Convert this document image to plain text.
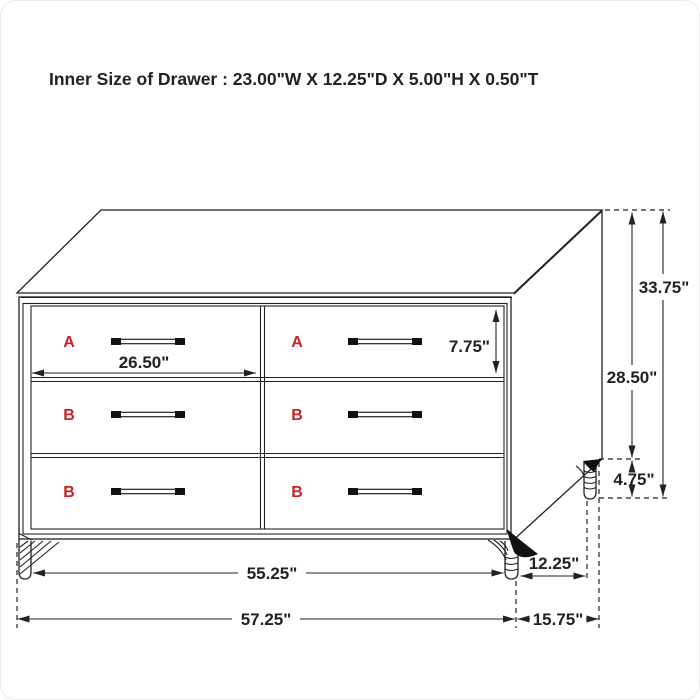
Inner Size of Drawer : 23.00"W X 12.25"D X 5.00"H X 0.50"T
A	A
B	B
B	B
26.50"
7.75"
33.75"
28.50"
4.75"
55.25"
12.25"
57.25"	15.75"
